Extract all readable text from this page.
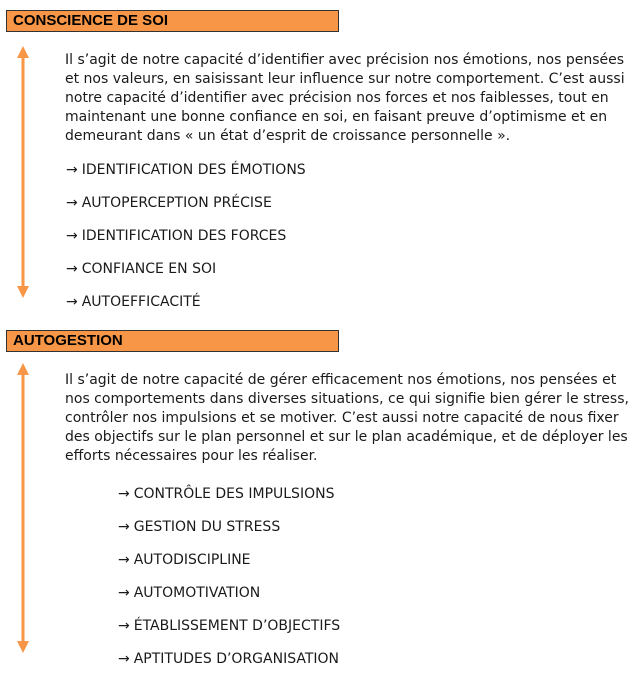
CONSCIENCE DE SOI

Il s’agit de notre capacité d’identifier avec précision nos émotions, nos pensées et nos valeurs, en saisissant leur influence sur notre comportement. C’est aussi notre capacité d’identifier avec précision nos forces et nos faiblesses, tout en maintenant une bonne confiance en soi, en faisant preuve d’optimisme et en demeurant dans « un état d’esprit de croissance personnelle ».

→ IDENTIFICATION DES ÉMOTIONS
→ AUTOPERCEPTION PRÉCISE
→ IDENTIFICATION DES FORCES
→ CONFIANCE EN SOI
→ AUTOEFFICACITÉ
AUTOGESTION

Il s’agit de notre capacité de gérer efficacement nos émotions, nos pensées et nos comportements dans diverses situations, ce qui signifie bien gérer le stress, contrôler nos impulsions et se motiver. C’est aussi notre capacité de nous fixer des objectifs sur le plan personnel et sur le plan académique, et de déployer les efforts nécessaires pour les réaliser.

→ CONTRÔLE DES IMPULSIONS
→ GESTION DU STRESS
→ AUTODISCIPLINE
→ AUTOMOTIVATION
→ ÉTABLISSEMENT D’OBJECTIFS
→ APTITUDES D’ORGANISATION
